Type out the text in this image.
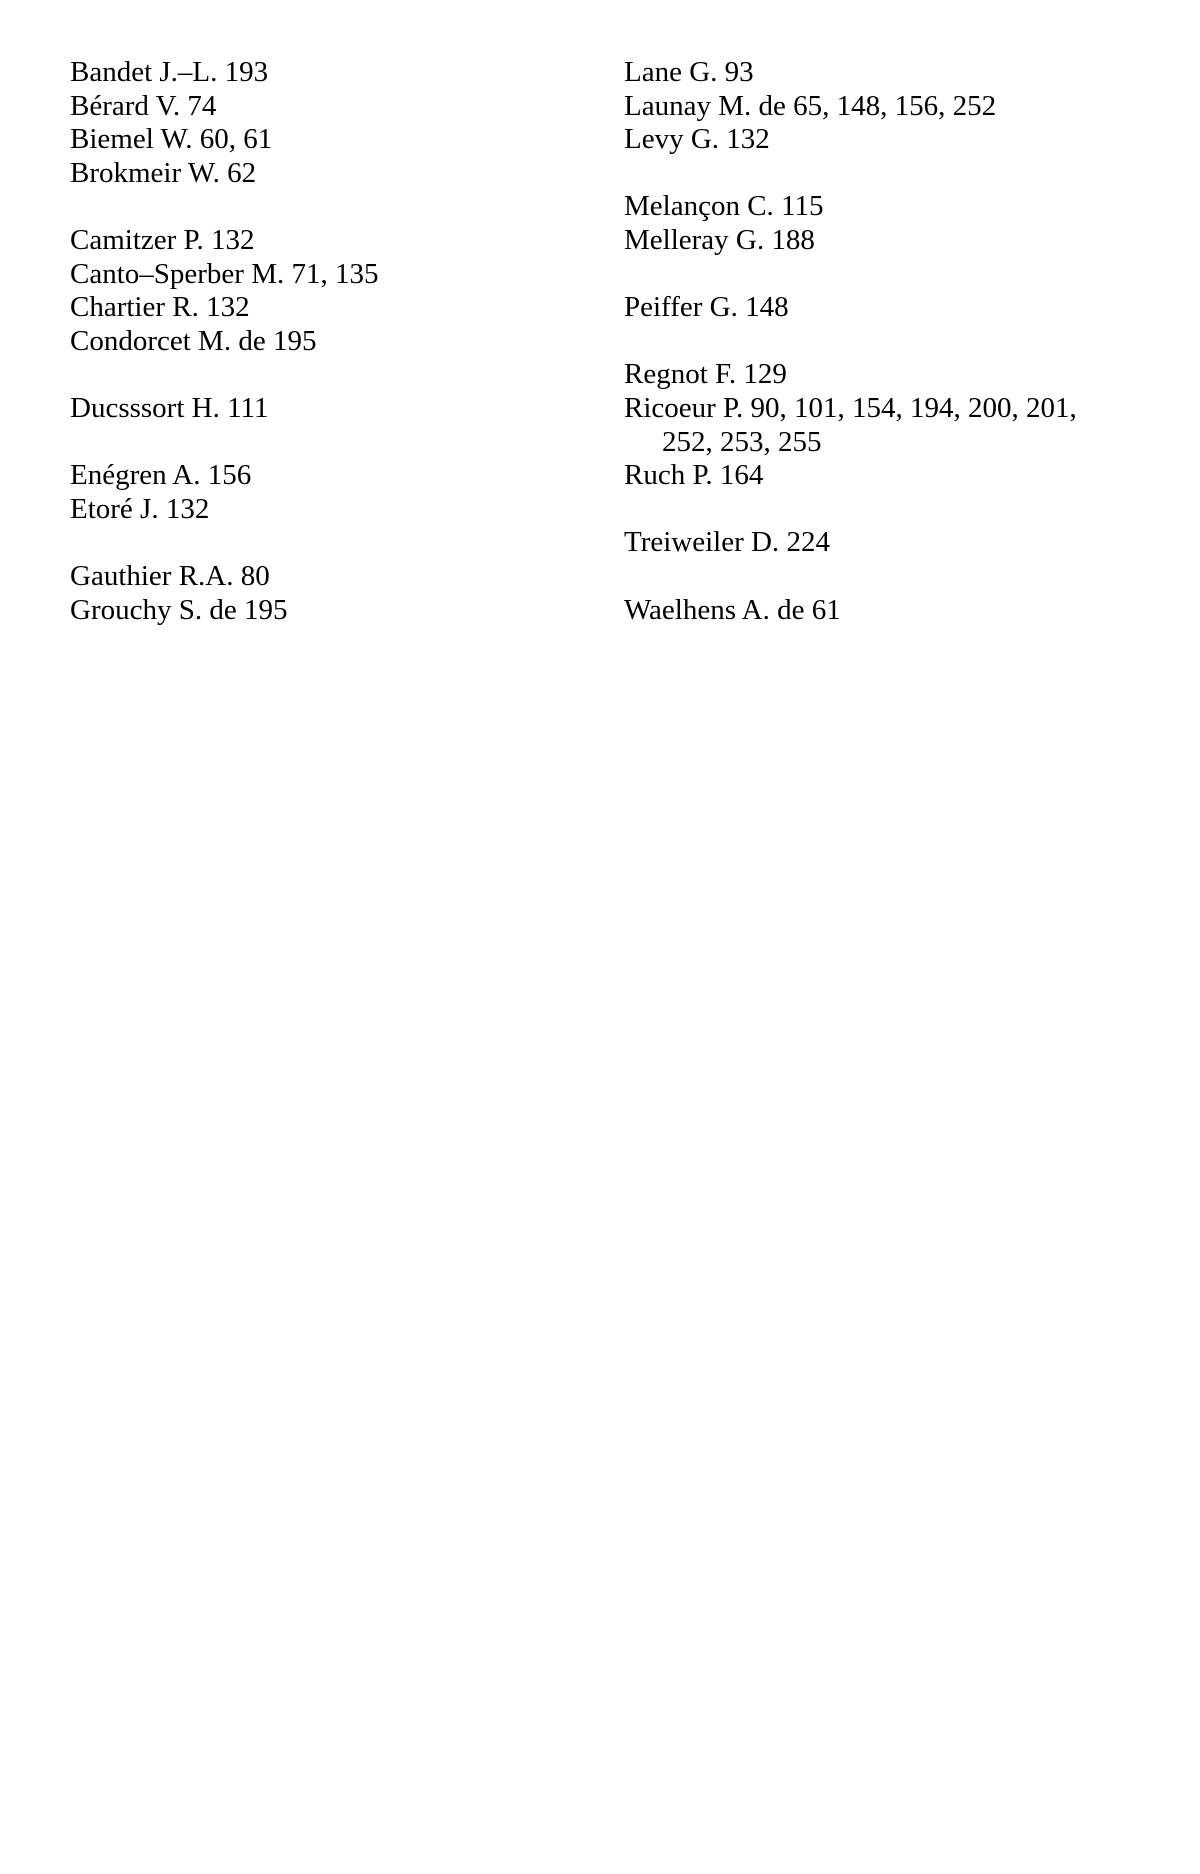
Bandet J.–L. 193
Bérard V. 74
Biemel W. 60, 61
Brokmeir W. 62
Camitzer P. 132
Canto–Sperber M. 71, 135
Chartier R. 132
Condorcet M. de 195
Ducsssort H. 111
Enégren A. 156
Etoré J. 132
Gauthier R.A. 80
Grouchy S. de 195
Lane G. 93
Launay M. de 65, 148, 156, 252
Levy G. 132
Melançon C. 115
Melleray G. 188
Peiffer G. 148
Regnot F. 129
Ricoeur P. 90, 101, 154, 194, 200, 201,
252, 253, 255
Ruch P. 164
Treiweiler D. 224
Waelhens A. de 61
